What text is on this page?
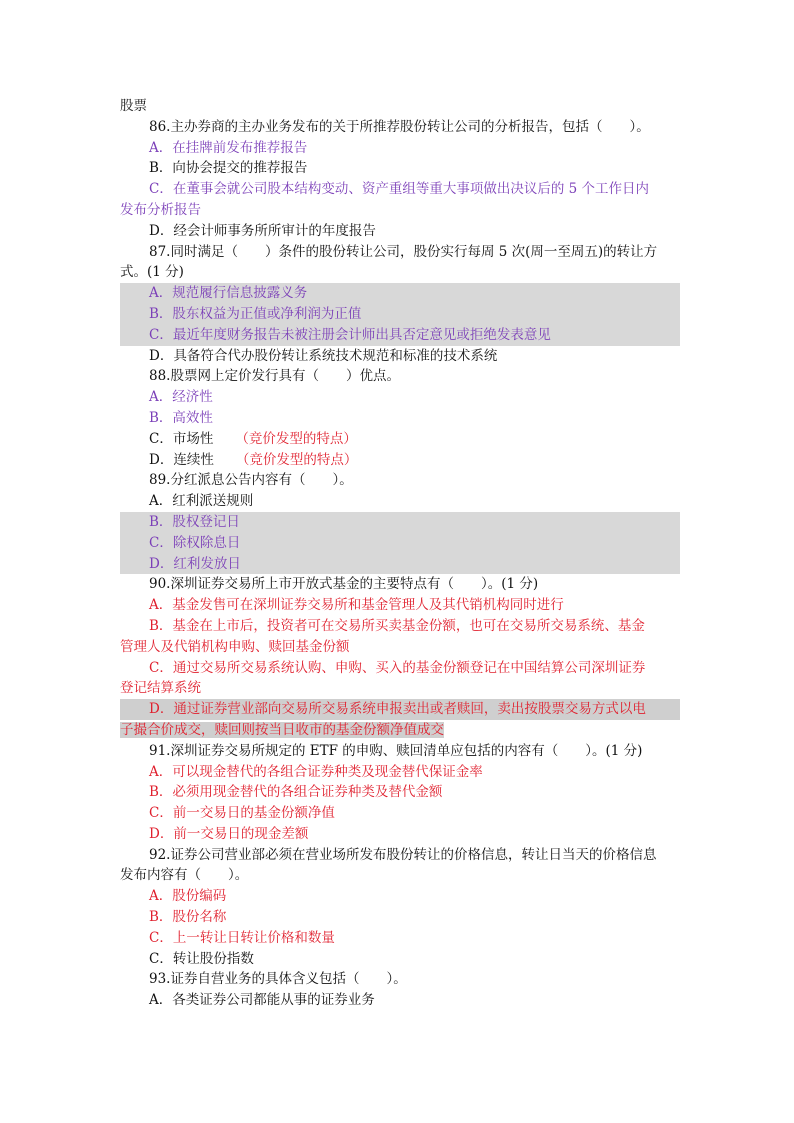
股票
86.主办券商的主办业务发布的关于所推荐股份转让公司的分析报告，包括（　　）。
A．在挂牌前发布推荐报告
B．向协会提交的推荐报告
C．在董事会就公司股本结构变动、资产重组等重大事项做出决议后的 5 个工作日内
发布分析报告
D．经会计师事务所所审计的年度报告
87.同时满足（　　）条件的股份转让公司，股份实行每周 5 次(周一至周五)的转让方
式。(1 分)
A．规范履行信息披露义务
B．股东权益为正值或净利润为正值
C．最近年度财务报告未被注册会计师出具否定意见或拒绝发表意见
D．具备符合代办股份转让系统技术规范和标准的技术系统
88.股票网上定价发行具有（　　）优点。
A．经济性
B．高效性
C．市场性 （竞价发型的特点）
D．连续性 （竞价发型的特点）
89.分红派息公告内容有（　　）。
A．红利派送规则
B．股权登记日
C．除权除息日
D．红利发放日
90.深圳证券交易所上市开放式基金的主要特点有（　　）。(1 分)
A．基金发售可在深圳证券交易所和基金管理人及其代销机构同时进行
B．基金在上市后，投资者可在交易所买卖基金份额，也可在交易所交易系统、基金
管理人及代销机构申购、赎回基金份额
C．通过交易所交易系统认购、申购、买入的基金份额登记在中国结算公司深圳证券
登记结算系统
D．通过证券营业部向交易所交易系统申报卖出或者赎回，卖出按股票交易方式以电
子撮合价成交，赎回则按当日收市的基金份额净值成交
91.深圳证券交易所规定的 ETF 的申购、赎回清单应包括的内容有（　　）。(1 分)
A．可以现金替代的各组合证券种类及现金替代保证金率
B．必须用现金替代的各组合证券种类及替代金额
C．前一交易日的基金份额净值
D．前一交易日的现金差额
92.证券公司营业部必须在营业场所发布股份转让的价格信息，转让日当天的价格信息
发布内容有（　　）。
A．股份编码
B．股份名称
C．上一转让日转让价格和数量
C．转让股份指数
93.证券自营业务的具体含义包括（　　）。
A．各类证券公司都能从事的证券业务
